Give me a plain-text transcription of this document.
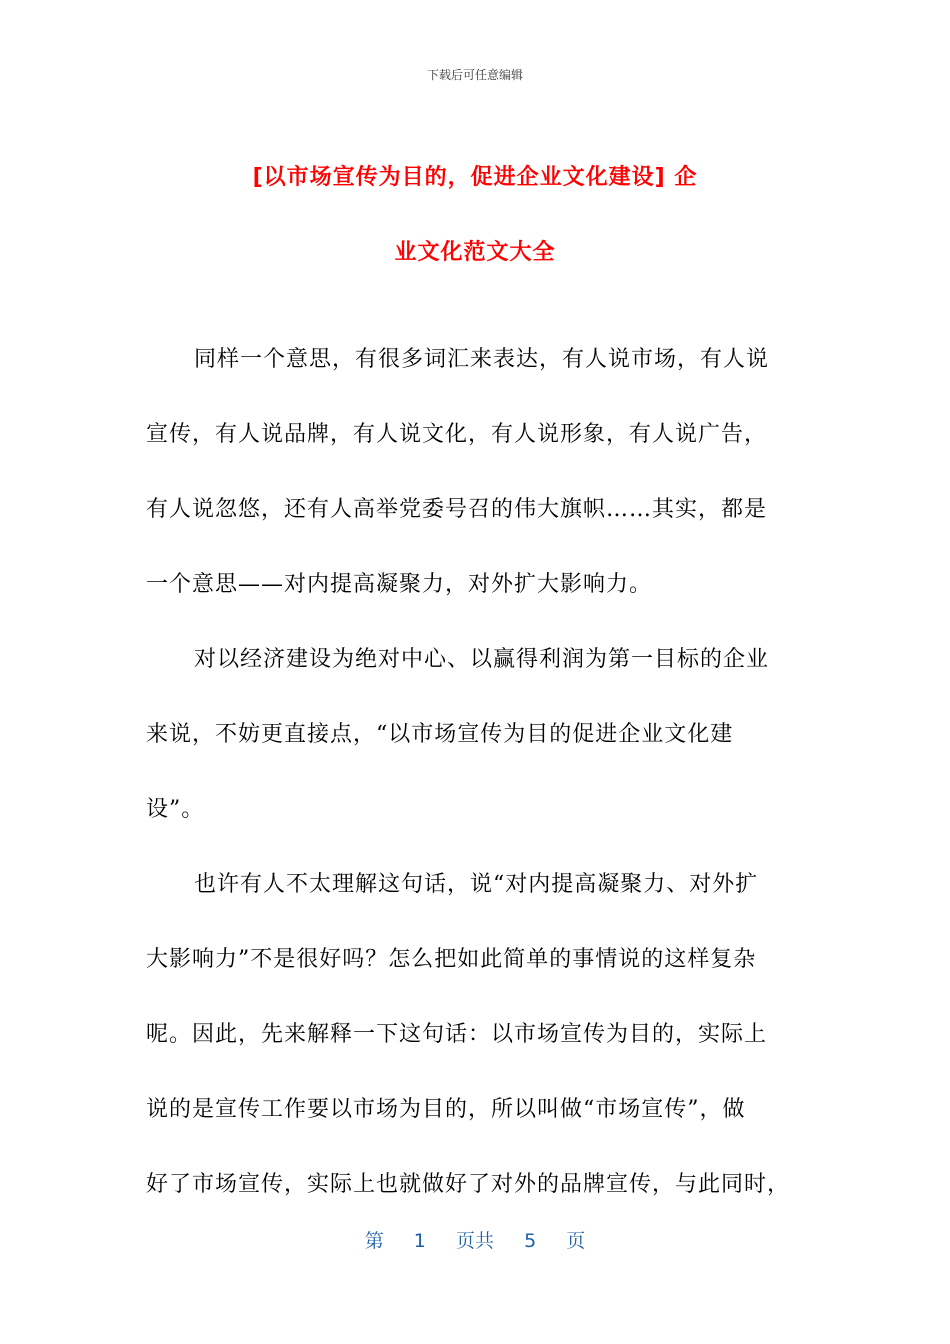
下载后可任意编辑
[以市场宣传为目的，促进企业文化建设] 企
业文化范文大全
同样一个意思，有很多词汇来表达，有人说市场，有人说
宣传，有人说品牌，有人说文化，有人说形象，有人说广告，
有人说忽悠，还有人高举党委号召的伟大旗帜……其实，都是
一个意思——对内提高凝聚力，对外扩大影响力。
对以经济建设为绝对中心、以赢得利润为第一目标的企业
来说，不妨更直接点，“以市场宣传为目的促进企业文化建
设”。
也许有人不太理解这句话，说“对内提高凝聚力、对外扩
大影响力”不是很好吗？怎么把如此简单的事情说的这样复杂
呢。因此，先来解释一下这句话：以市场宣传为目的，实际上
说的是宣传工作要以市场为目的，所以叫做“市场宣传”，做
好了市场宣传，实际上也就做好了对外的品牌宣传，与此同时，
第 1 页共 5 页
